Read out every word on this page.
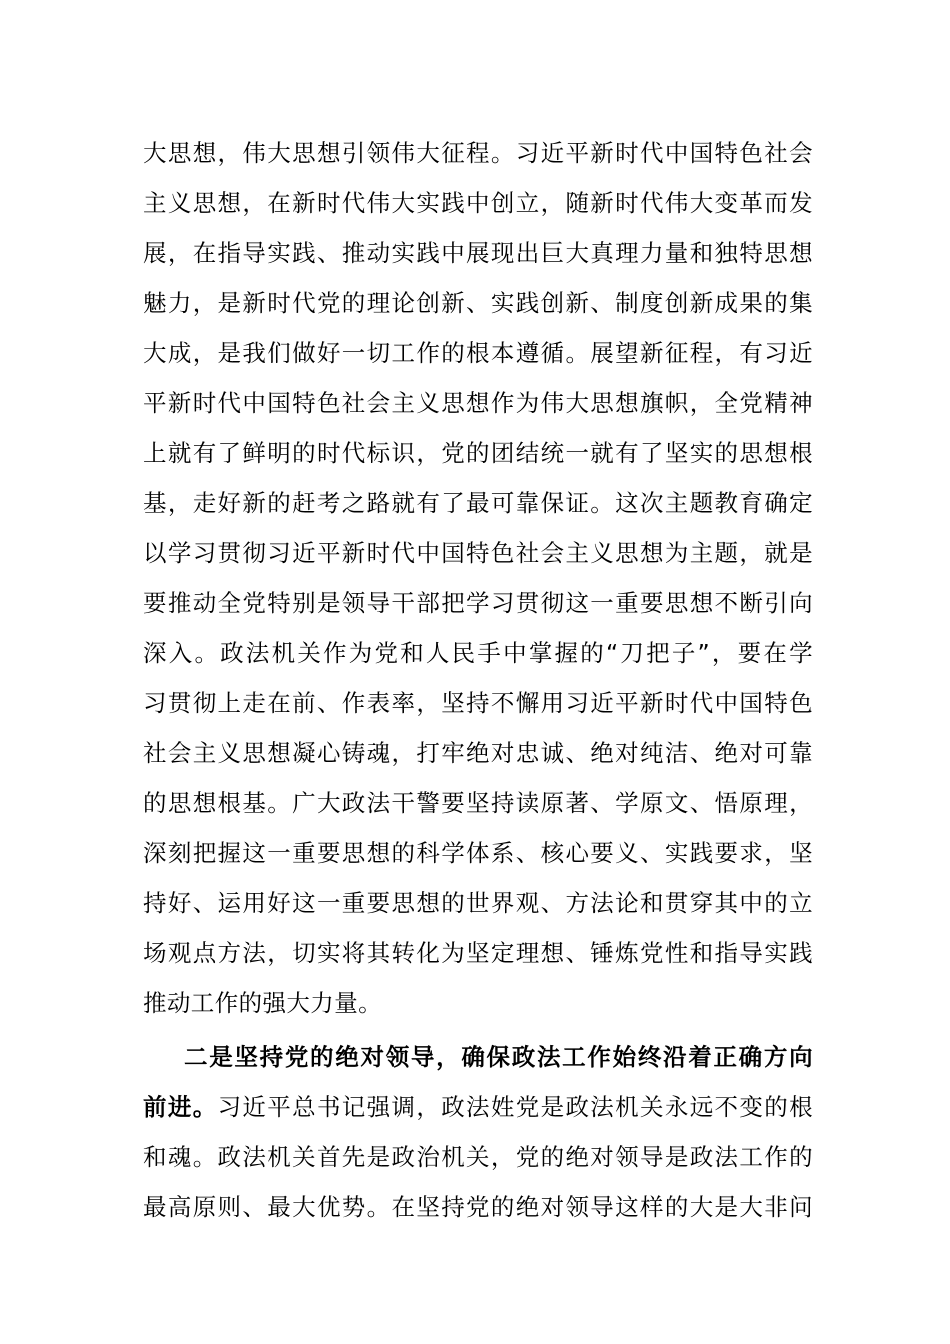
大思想，伟大思想引领伟大征程。习近平新时代中国特色社会
主义思想，在新时代伟大实践中创立，随新时代伟大变革而发
展，在指导实践、推动实践中展现出巨大真理力量和独特思想
魅力，是新时代党的理论创新、实践创新、制度创新成果的集
大成，是我们做好一切工作的根本遵循。展望新征程，有习近
平新时代中国特色社会主义思想作为伟大思想旗帜，全党精神
上就有了鲜明的时代标识，党的团结统一就有了坚实的思想根
基，走好新的赶考之路就有了最可靠保证。这次主题教育确定
以学习贯彻习近平新时代中国特色社会主义思想为主题，就是
要推动全党特别是领导干部把学习贯彻这一重要思想不断引向
深入。政法机关作为党和人民手中掌握的“刀把子”，要在学
习贯彻上走在前、作表率，坚持不懈用习近平新时代中国特色
社会主义思想凝心铸魂，打牢绝对忠诚、绝对纯洁、绝对可靠
的思想根基。广大政法干警要坚持读原著、学原文、悟原理，
深刻把握这一重要思想的科学体系、核心要义、实践要求，坚
持好、运用好这一重要思想的世界观、方法论和贯穿其中的立
场观点方法，切实将其转化为坚定理想、锤炼党性和指导实践
推动工作的强大力量。
二是坚持党的绝对领导，确保政法工作始终沿着正确方向
前进。习近平总书记强调，政法姓党是政法机关永远不变的根
和魂。政法机关首先是政治机关，党的绝对领导是政法工作的
最高原则、最大优势。在坚持党的绝对领导这样的大是大非问
